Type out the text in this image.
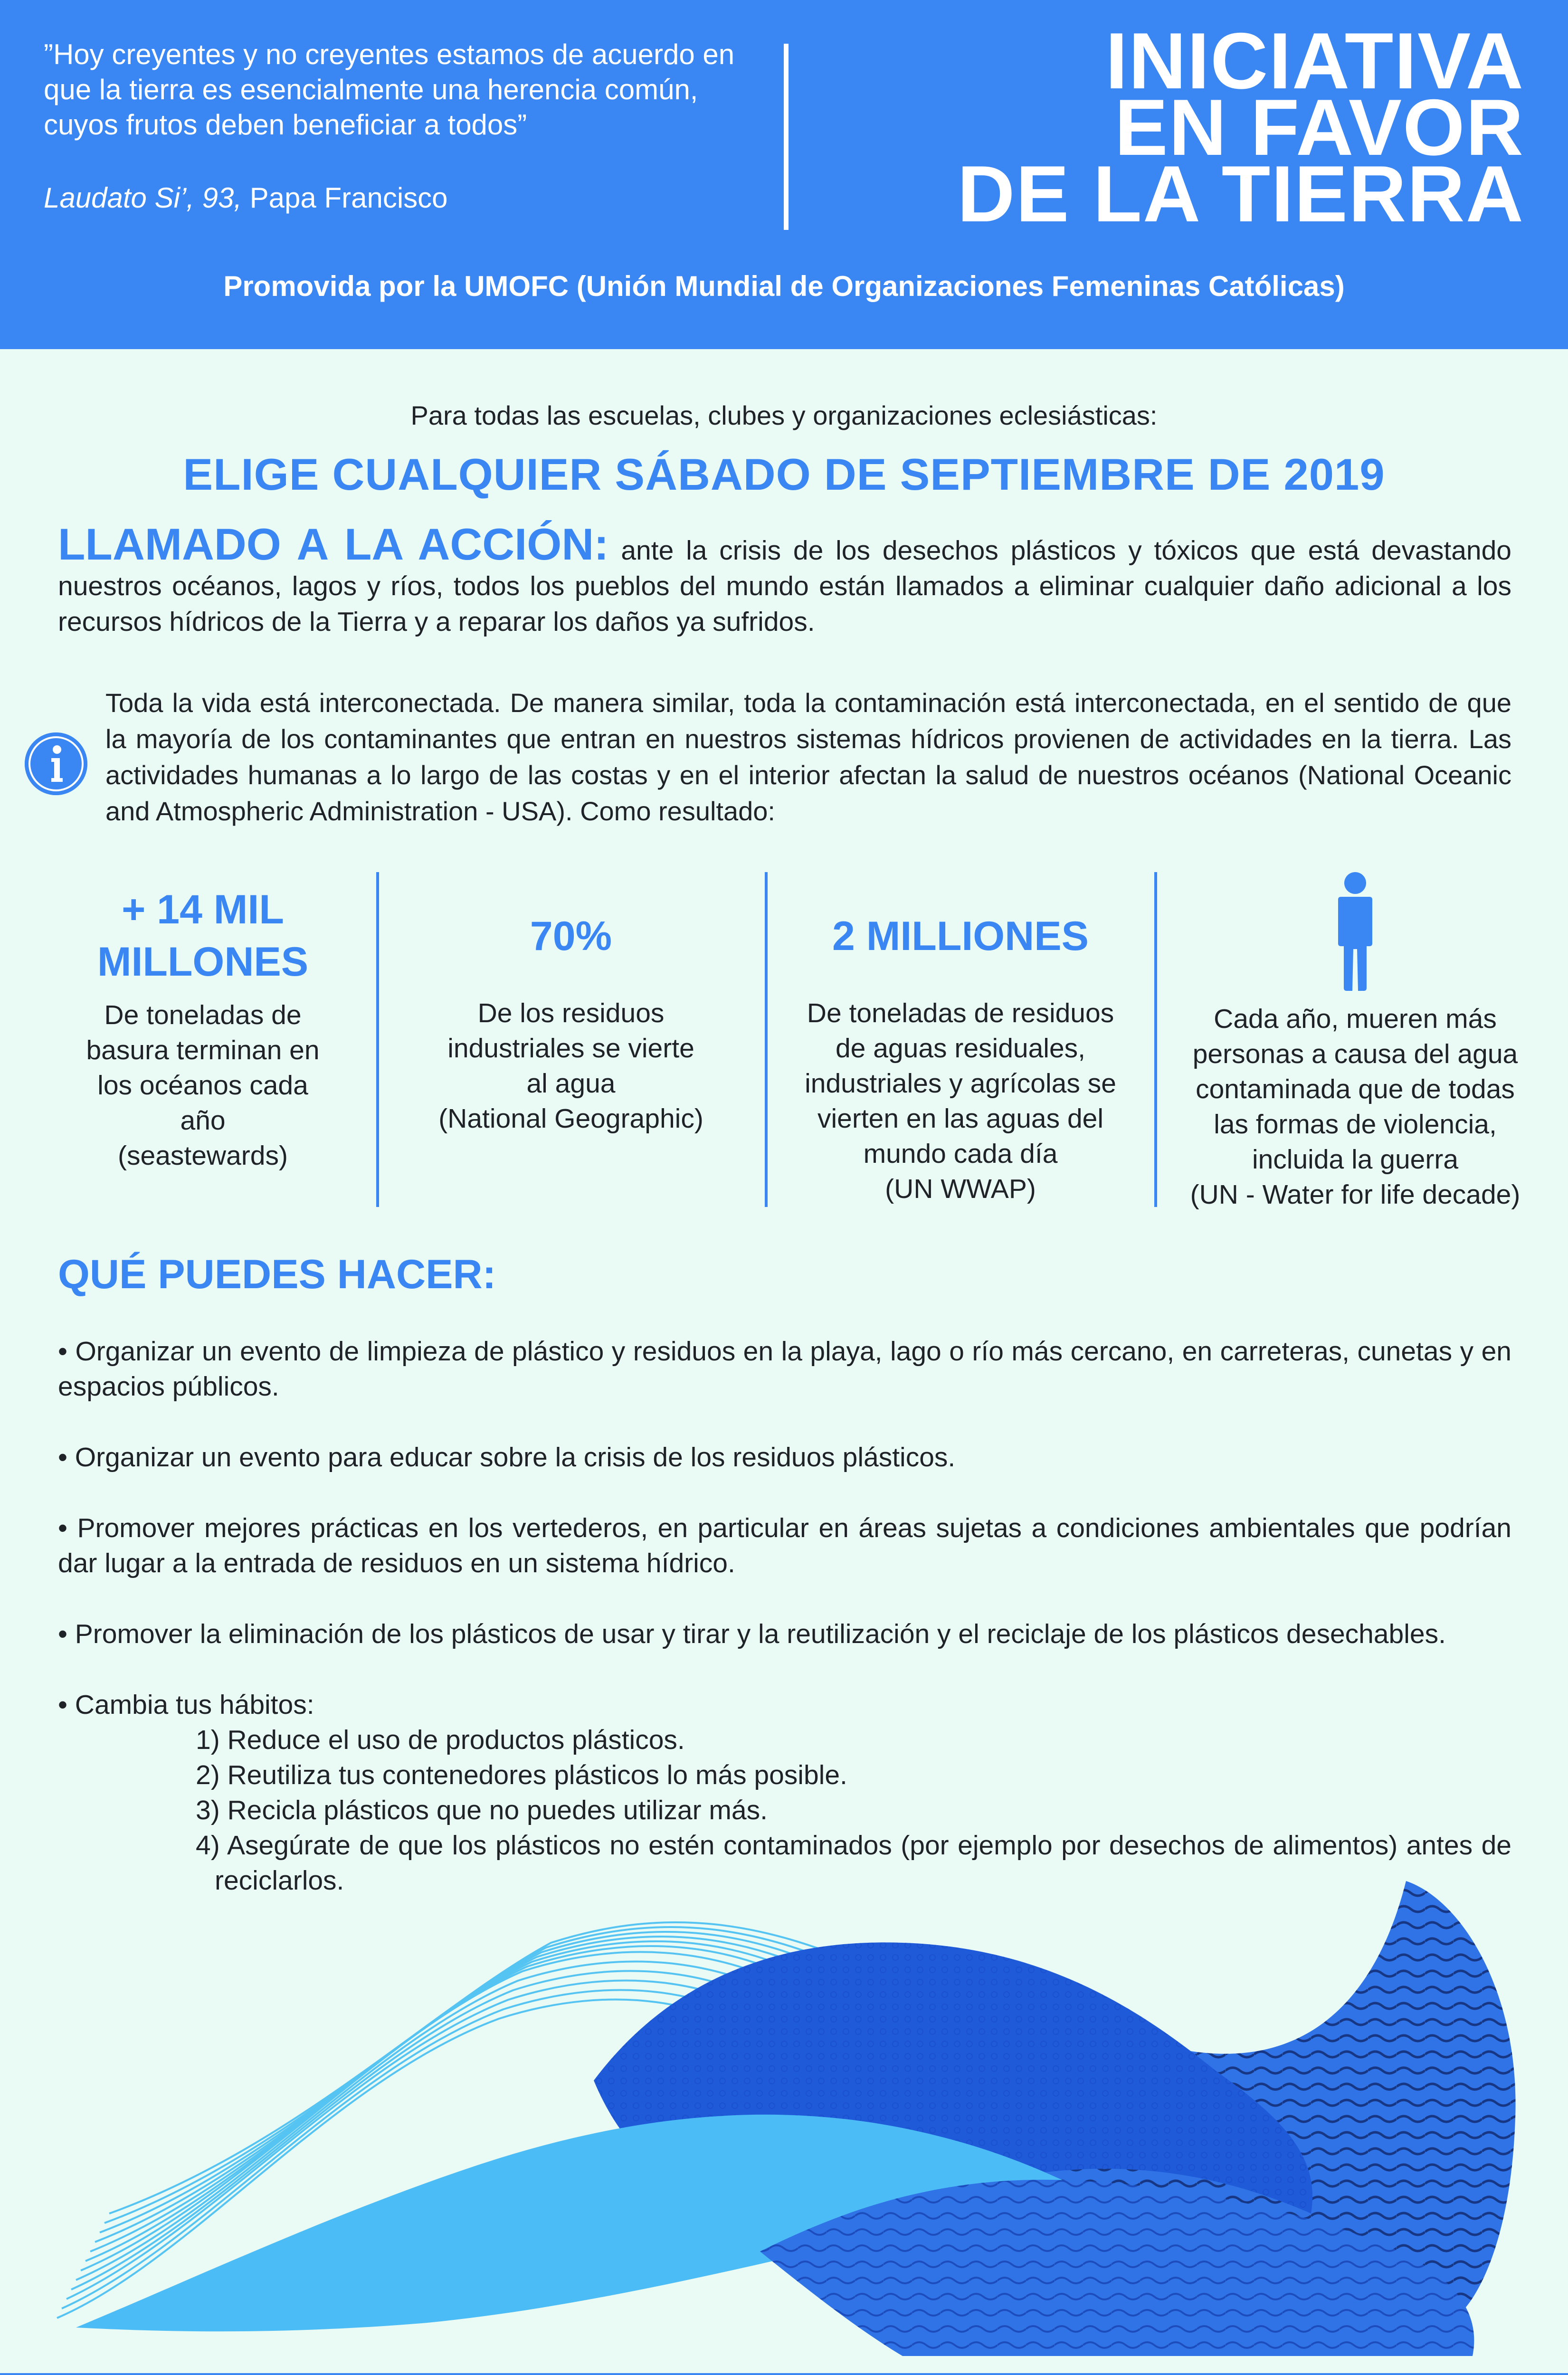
”Hoy creyentes y no creyentes estamos de acuerdo en que la tierra es esencialmente una herencia común, cuyos frutos deben beneficiar a todos”
Laudato Si’, 93, Papa Francisco
INICIATIVA
EN FAVOR
DE LA TIERRA
Promovida por la UMOFC (Unión Mundial de Organizaciones Femeninas Católicas)
Para todas las escuelas, clubes y organizaciones eclesiásticas:
ELIGE CUALQUIER SÁBADO DE SEPTIEMBRE DE 2019
LLAMADO A LA ACCIÓN: ante la crisis de los desechos plásticos y tóxicos que está devastando nuestros océanos, lagos y ríos, todos los pueblos del mundo están llamados a eliminar cualquier daño adicional a los recursos hídricos de la Tierra y a reparar los daños ya sufridos.
Toda la vida está interconectada. De manera similar, toda la contaminación está interconectada, en el sentido de que la mayoría de los contaminantes que entran en nuestros sistemas hídricos provienen de actividades en la tierra. Las actividades humanas a lo largo de las costas y en el interior afectan la salud de nuestros océanos (National Oceanic and Atmospheric Administration - USA). Como resultado:
+ 14 MIL
MILLONES
De toneladas de
basura terminan en
los océanos cada
año
(seastewards)
70%
De los residuos
industriales se vierte
al agua
(National Geographic)
2 MILLIONES
De toneladas de residuos
de aguas residuales,
industriales y agrícolas se
vierten en las aguas del
mundo cada día
(UN WWAP)
Cada año, mueren más
personas a causa del agua
contaminada que de todas
las formas de violencia,
incluida la guerra
(UN - Water for life decade)
QUÉ PUEDES HACER:
• Organizar un evento de limpieza de plástico y residuos en la playa, lago o río más cercano, en carreteras, cunetas y en espacios públicos.
• Organizar un evento para educar sobre la crisis de los residuos plásticos.
• Promover mejores prácticas en los vertederos, en particular en áreas sujetas a condiciones ambientales que podrían dar lugar a la entrada de residuos en un sistema hídrico.
• Promover la eliminación de los plásticos de usar y tirar y la reutilización y el reciclaje de los plásticos desechables.
• Cambia tus hábitos:
1) Reduce el uso de productos plásticos.
2) Reutiliza tus contenedores plásticos lo más posible.
3) Recicla plásticos que no puedes utilizar más.
4) Asegúrate de que los plásticos no estén contaminados (por ejemplo por desechos de alimentos) antes de reciclarlos.
